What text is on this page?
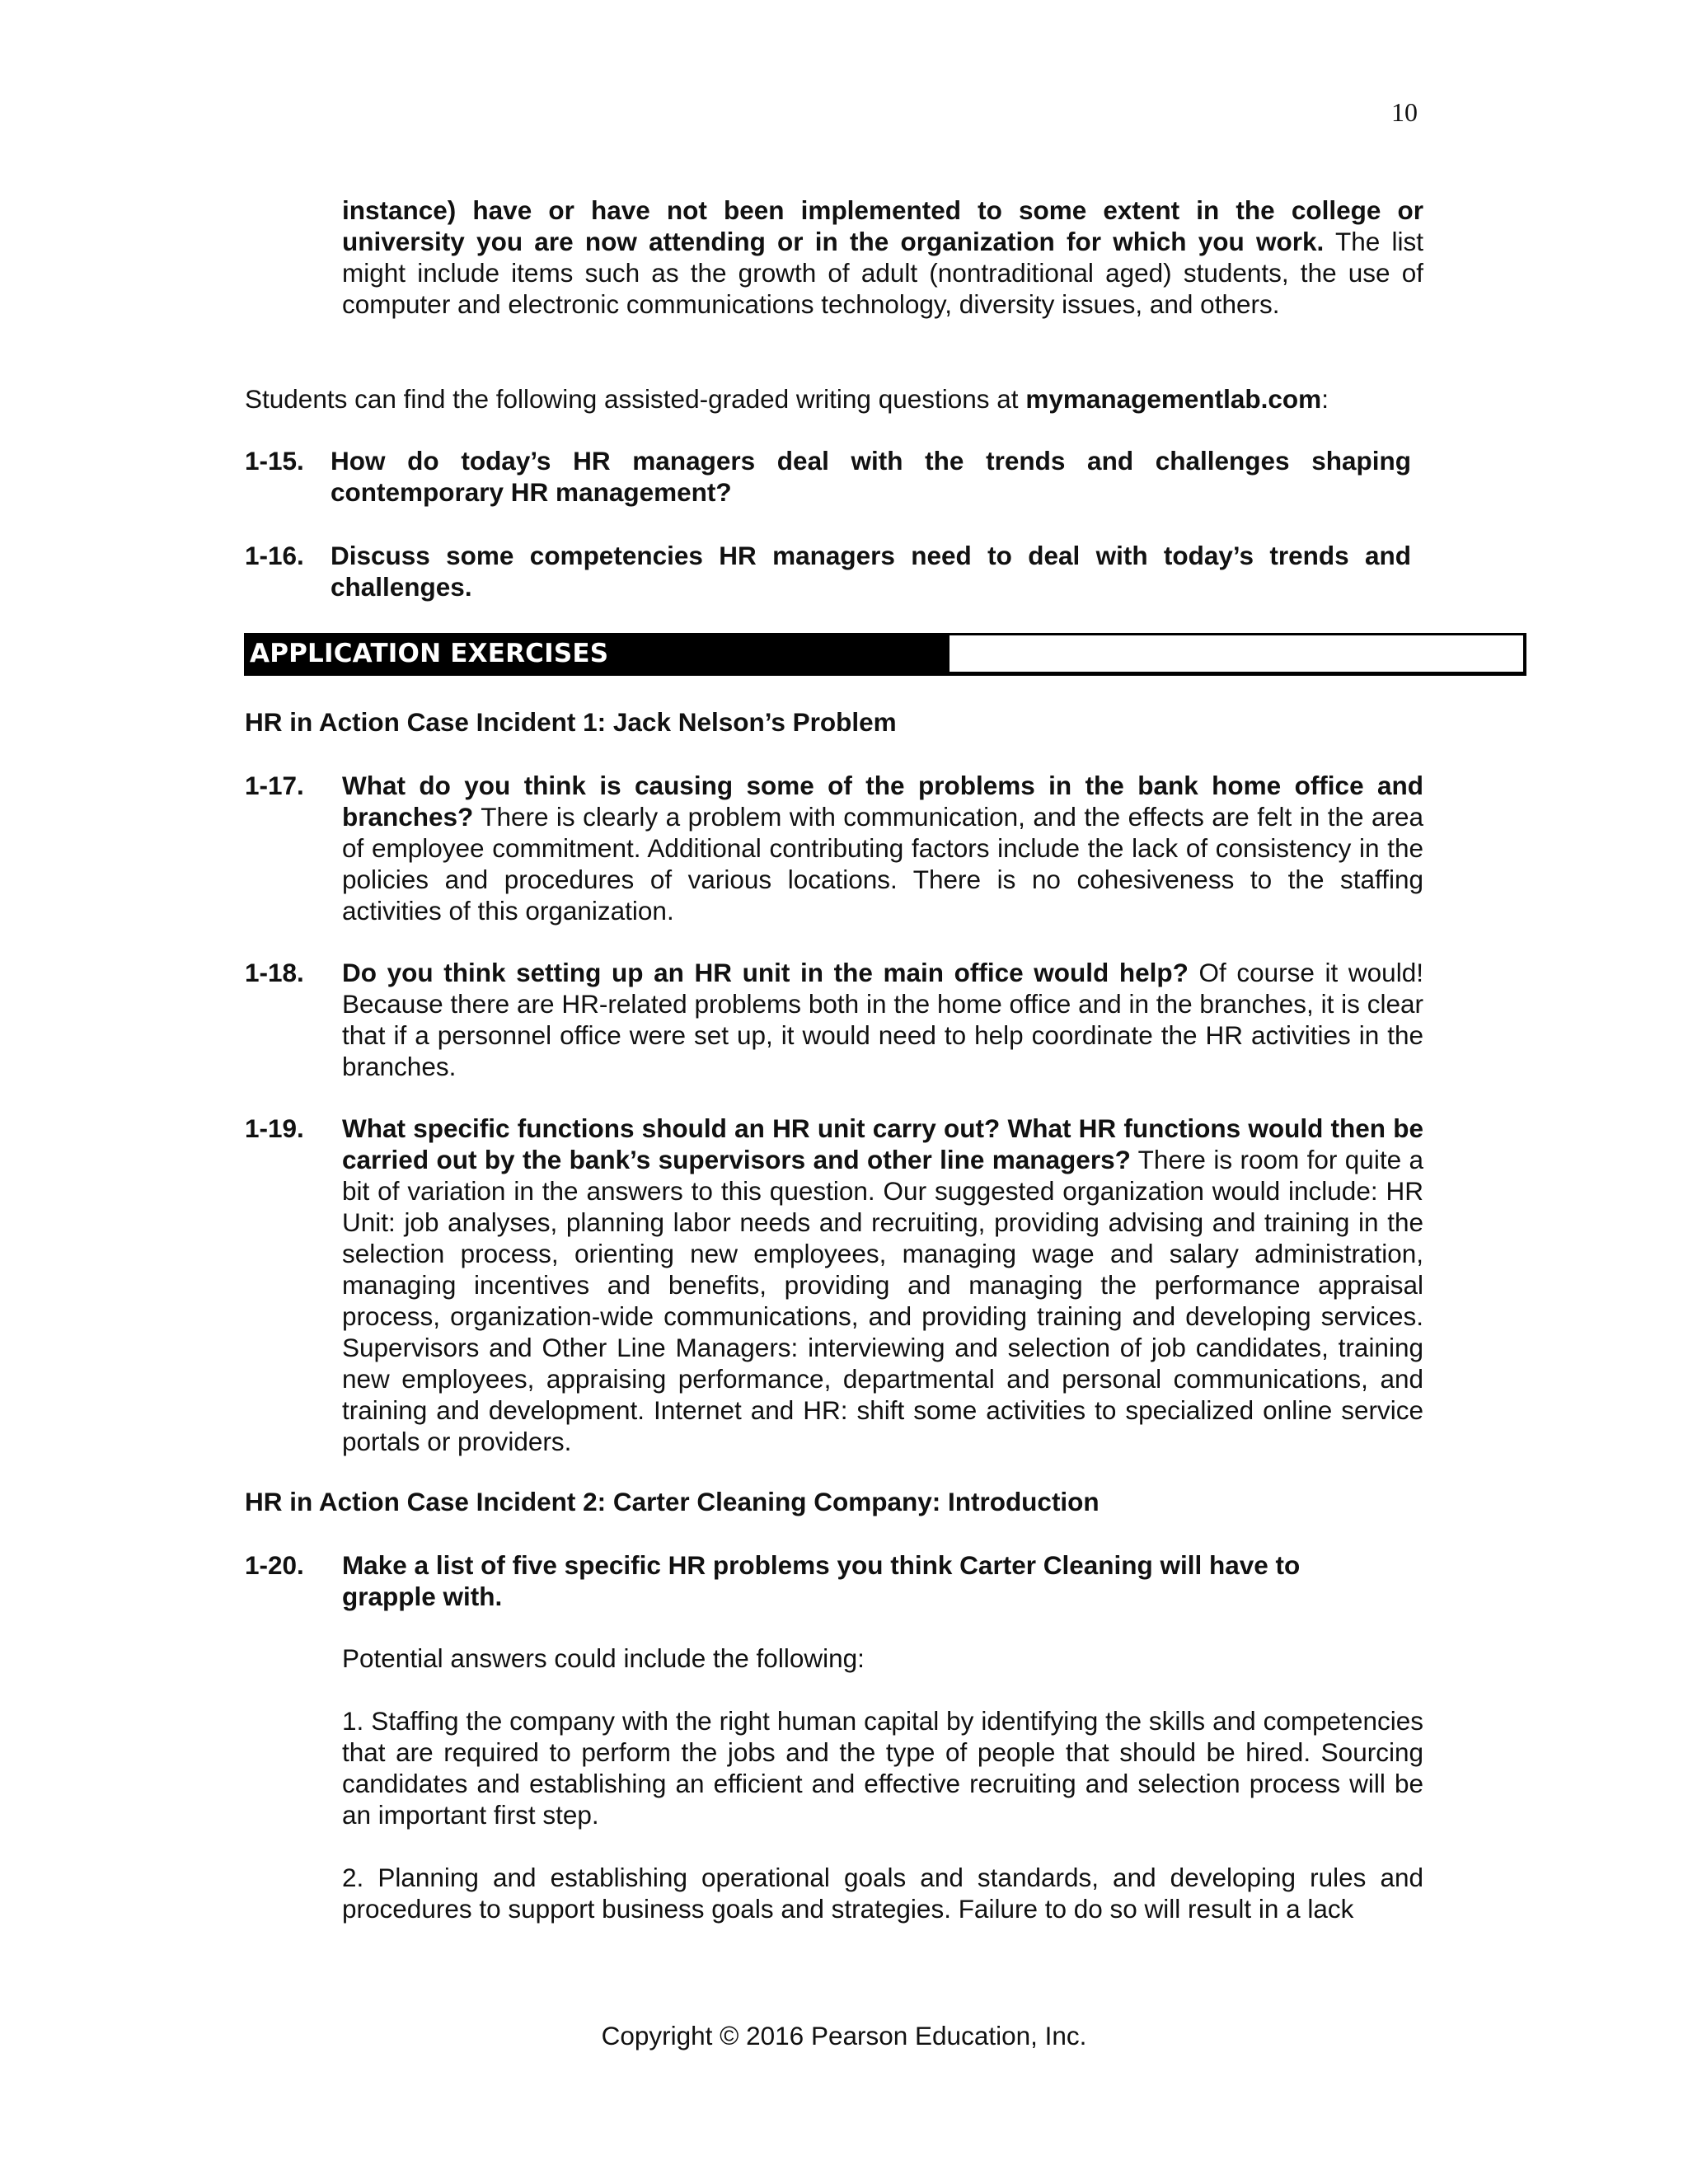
10
instance) have or have not been implemented to some extent in the college or university you are now attending or in the organization for which you work. The list might include items such as the growth of adult (nontraditional aged) students, the use of computer and electronic communications technology, diversity issues, and others.
Students can find the following assisted-graded writing questions at mymanagementlab.com:
1-15. How do today’s HR managers deal with the trends and challenges shaping contemporary HR management?
1-16. Discuss some competencies HR managers need to deal with today’s trends and challenges.
APPLICATION EXERCISES
HR in Action Case Incident 1: Jack Nelson’s Problem
1-17. What do you think is causing some of the problems in the bank home office and branches? There is clearly a problem with communication, and the effects are felt in the area of employee commitment. Additional contributing factors include the lack of consistency in the policies and procedures of various locations. There is no cohesiveness to the staffing activities of this organization.
1-18. Do you think setting up an HR unit in the main office would help? Of course it would! Because there are HR-related problems both in the home office and in the branches, it is clear that if a personnel office were set up, it would need to help coordinate the HR activities in the branches.
1-19. What specific functions should an HR unit carry out? What HR functions would then be carried out by the bank’s supervisors and other line managers? There is room for quite a bit of variation in the answers to this question. Our suggested organization would include: HR Unit: job analyses, planning labor needs and recruiting, providing advising and training in the selection process, orienting new employees, managing wage and salary administration, managing incentives and benefits, providing and managing the performance appraisal process, organization-wide communications, and providing training and developing services. Supervisors and Other Line Managers: interviewing and selection of job candidates, training new employees, appraising performance, departmental and personal communications, and training and development. Internet and HR: shift some activities to specialized online service portals or providers.
HR in Action Case Incident 2: Carter Cleaning Company: Introduction
1-20. Make a list of five specific HR problems you think Carter Cleaning will have to grapple with.
Potential answers could include the following:
1. Staffing the company with the right human capital by identifying the skills and competencies that are required to perform the jobs and the type of people that should be hired. Sourcing candidates and establishing an efficient and effective recruiting and selection process will be an important first step.
2. Planning and establishing operational goals and standards, and developing rules and procedures to support business goals and strategies. Failure to do so will result in a lack
Copyright © 2016 Pearson Education, Inc.
